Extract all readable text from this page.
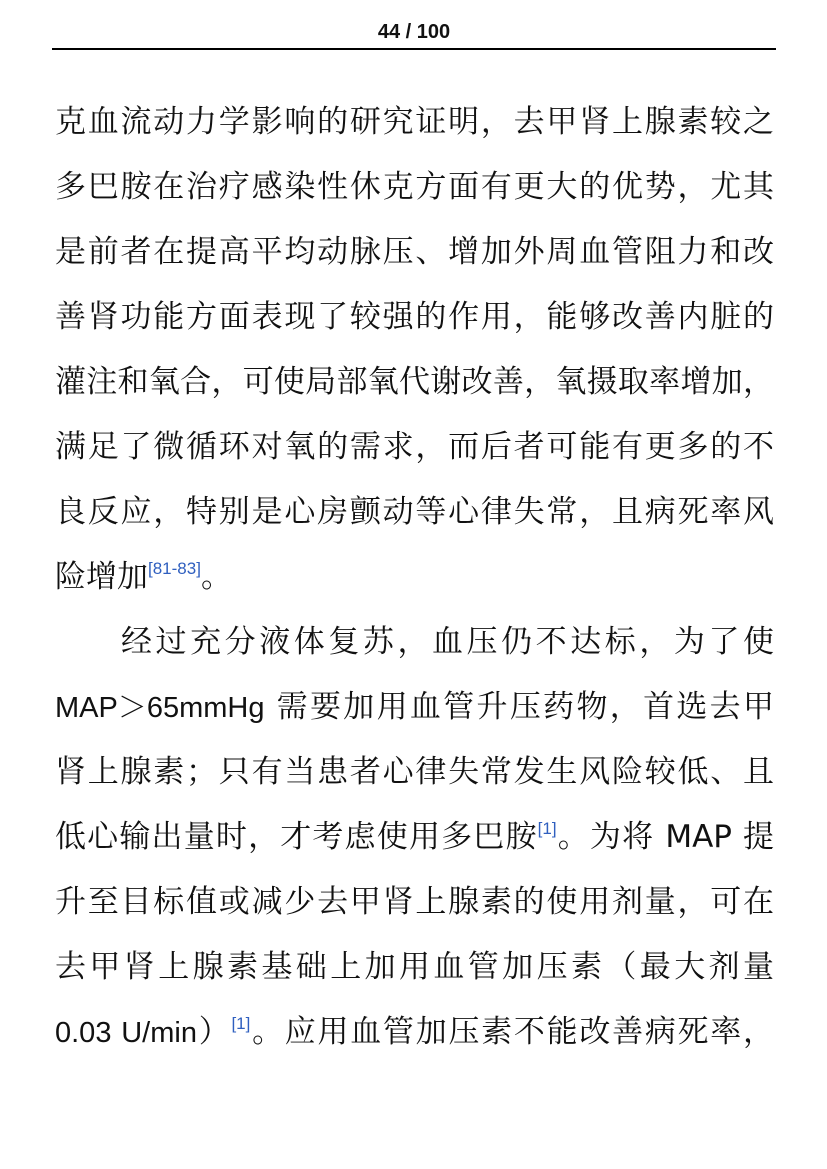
44 / 100
克血流动力学影响的研究证明，去甲肾上腺素较之
多巴胺在治疗感染性休克方面有更大的优势，尤其
是前者在提高平均动脉压、增加外周血管阻力和改
善肾功能方面表现了较强的作用，能够改善内脏的
灌注和氧合，可使局部氧代谢改善，氧摄取率增加，
满足了微循环对氧的需求，而后者可能有更多的不
良反应，特别是心房颤动等心律失常，且病死率风
险增加[81-83]。
经过充分液体复苏，血压仍不达标，为了使
MAP＞65mmHg 需要加用血管升压药物，首选去甲
肾上腺素；只有当患者心律失常发生风险较低、且
低心输出量时，才考虑使用多巴胺[1]。为将 MAP 提
升至目标值或减少去甲肾上腺素的使用剂量，可在
去甲肾上腺素基础上加用血管加压素（最大剂量
0.03 U/min）[1]。应用血管加压素不能改善病死率，
